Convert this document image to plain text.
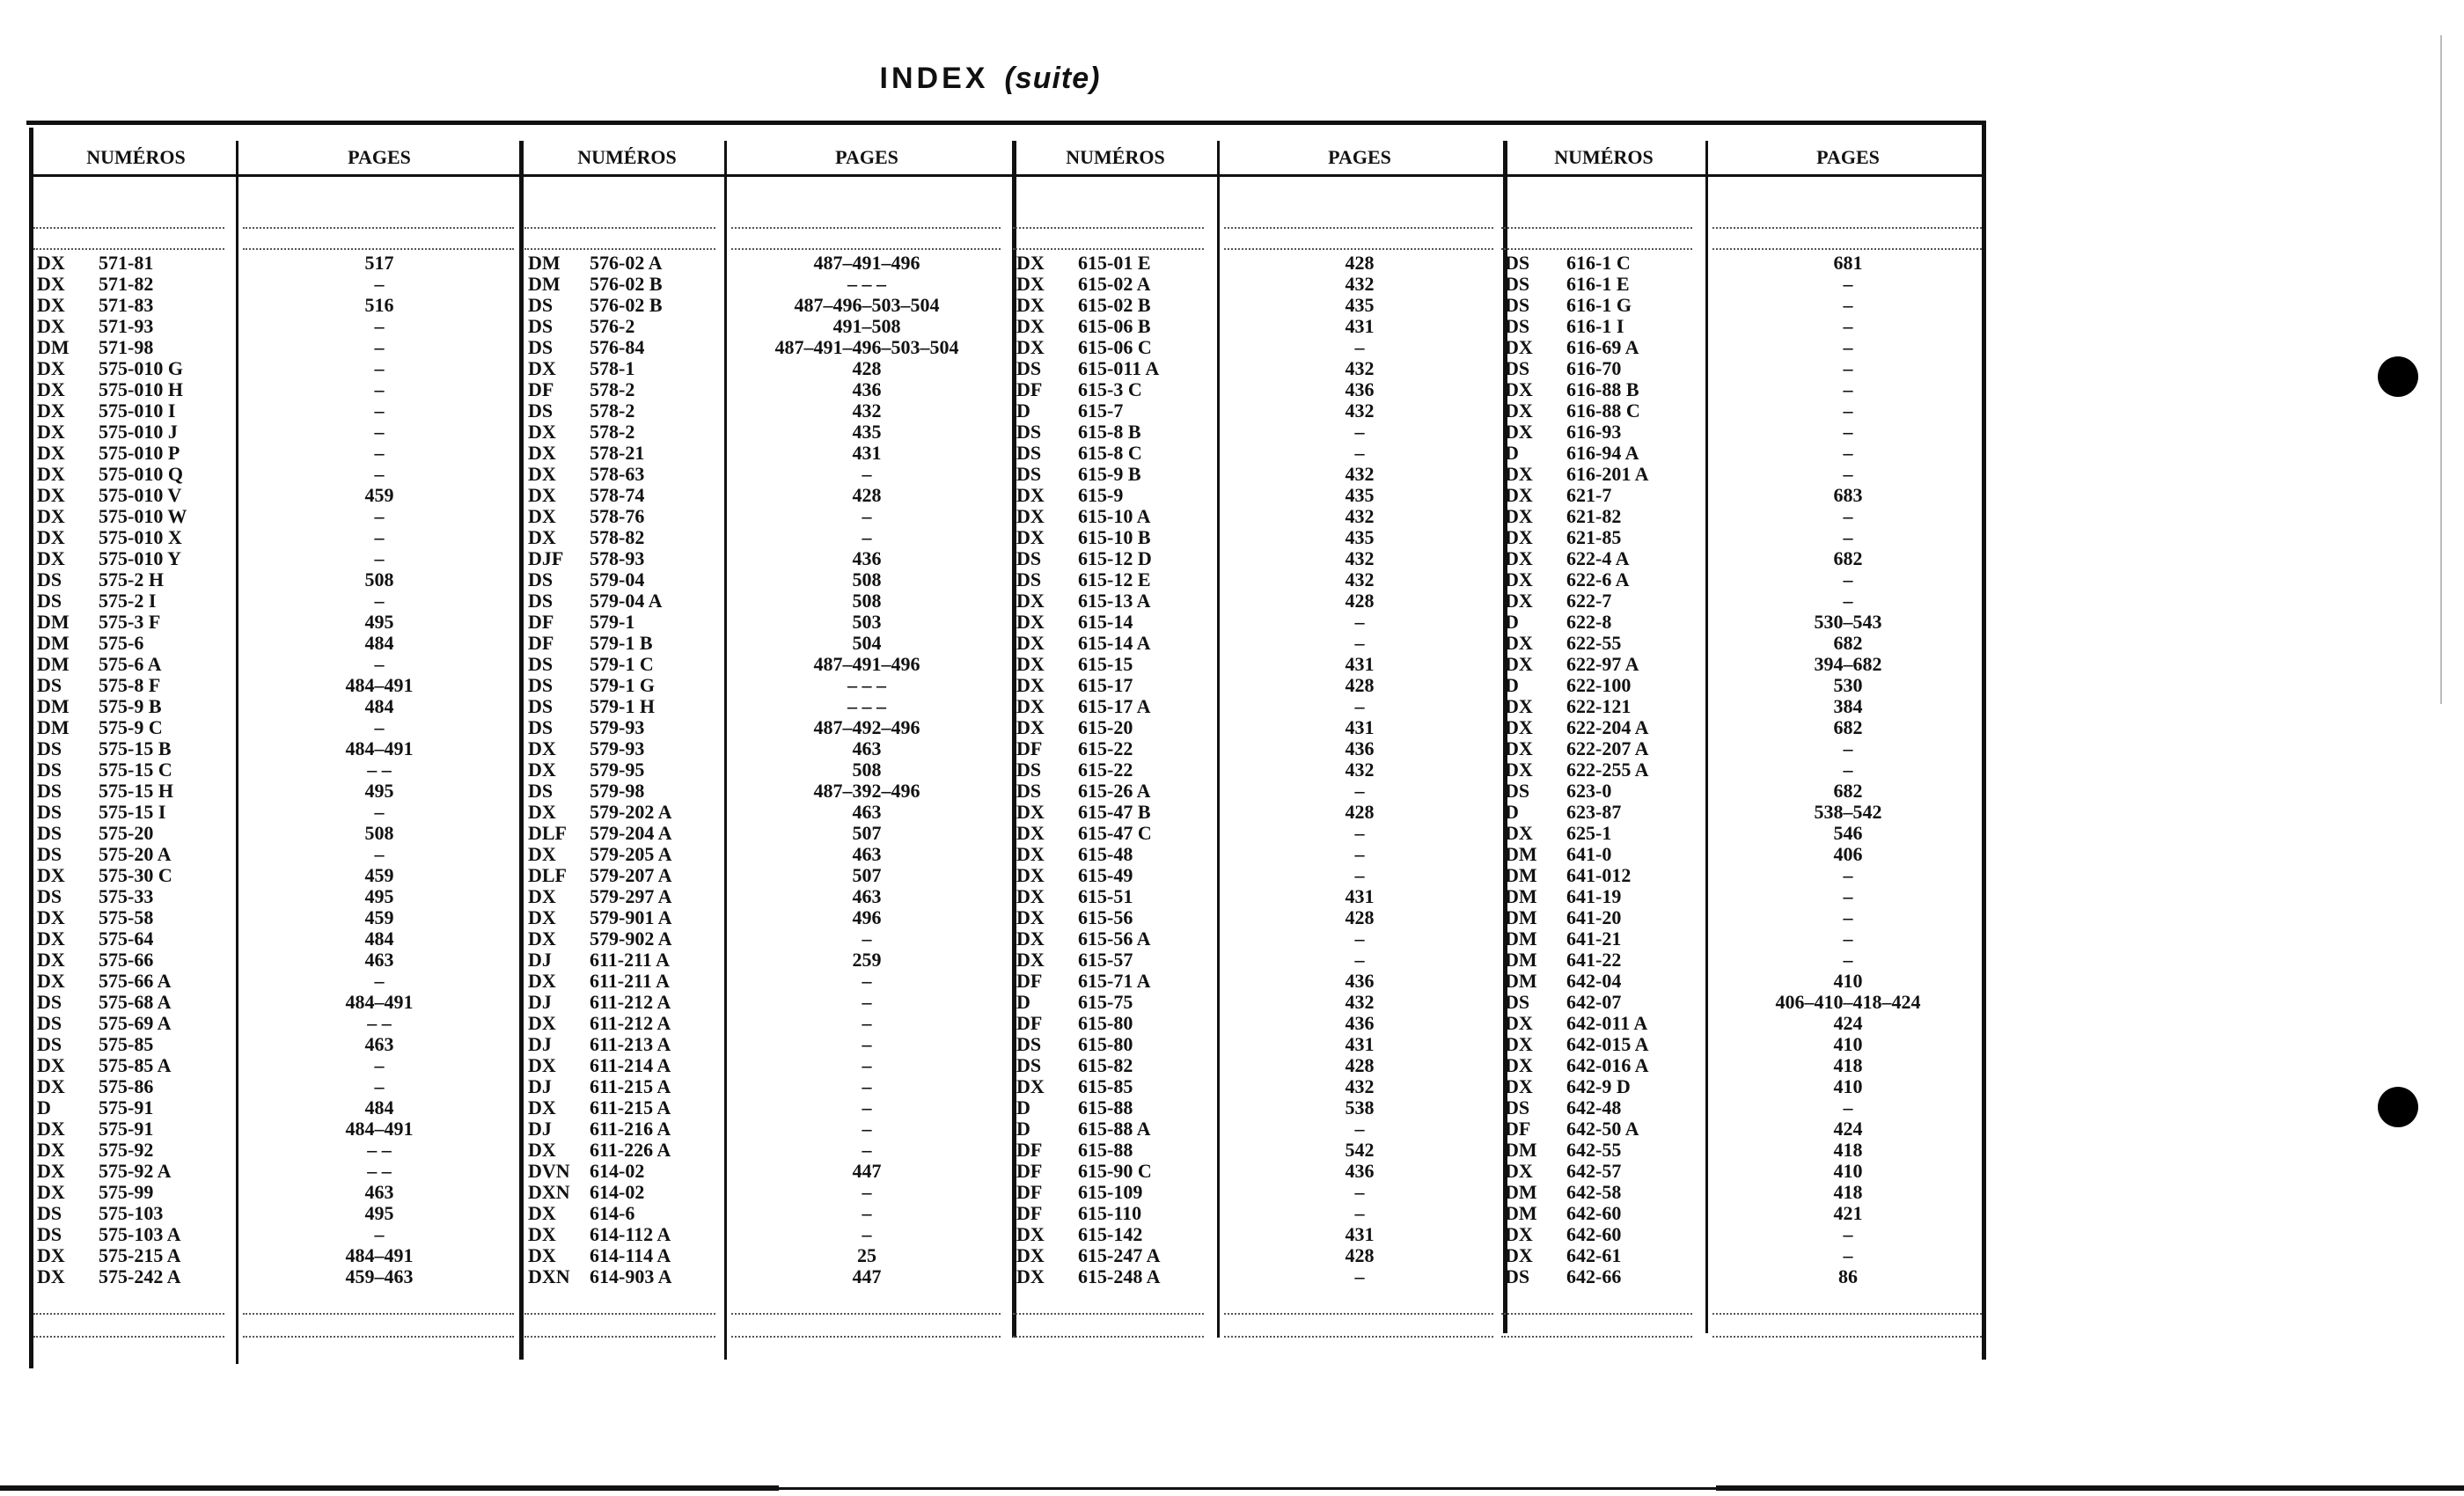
INDEX (suite)
NUMÉROS	PAGES	NUMÉROS	PAGES	NUMÉROS	PAGES	NUMÉROS	PAGES
DX 571-81	517
DX 571-82	–
DX 571-83	516
DX 571-93	–
DM 571-98	–
DX 575-010 G	–
DX 575-010 H	–
DX 575-010 I	–
DX 575-010 J	–
DX 575-010 P	–
DX 575-010 Q	–
DX 575-010 V	459
DX 575-010 W	–
DX 575-010 X	–
DX 575-010 Y	–
DS 575-2 H	508
DS 575-2 I	–
DM 575-3 F	495
DM 575-6	484
DM 575-6 A	–
DS 575-8 F	484–491
DM 575-9 B	484
DM 575-9 C	–
DS 575-15 B	484–491
DS 575-15 C	– –
DS 575-15 H	495
DS 575-15 I	–
DS 575-20	508
DS 575-20 A	–
DX 575-30 C	459
DS 575-33	495
DX 575-58	459
DX 575-64	484
DX 575-66	463
DX 575-66 A	–
DS 575-68 A	484–491
DS 575-69 A	– –
DS 575-85	463
DX 575-85 A	–
DX 575-86	–
D 575-91	484
DX 575-91	484–491
DX 575-92	– –
DX 575-92 A	– –
DX 575-99	463
DS 575-103	495
DS 575-103 A	–
DX 575-215 A	484–491
DX 575-242 A	459–463
DM 576-02 A	487–491–496
DM 576-02 B	– – –
DS 576-02 B	487–496–503–504
DS 576-2	491–508
DS 576-84	487–491–496–503–504
DX 578-1	428
DF 578-2	436
DS 578-2	432
DX 578-2	435
DX 578-21	431
DX 578-63	–
DX 578-74	428
DX 578-76	–
DX 578-82	–
DJF 578-93	436
DS 579-04	508
DS 579-04 A	508
DF 579-1	503
DF 579-1 B	504
DS 579-1 C	487–491–496
DS 579-1 G	– – –
DS 579-1 H	– – –
DS 579-93	487–492–496
DX 579-93	463
DX 579-95	508
DS 579-98	487–392–496
DX 579-202 A	463
DLF 579-204 A	507
DX 579-205 A	463
DLF 579-207 A	507
DX 579-297 A	463
DX 579-901 A	496
DX 579-902 A	–
DJ 611-211 A	259
DX 611-211 A	–
DJ 611-212 A	–
DX 611-212 A	–
DJ 611-213 A	–
DX 611-214 A	–
DJ 611-215 A	–
DX 611-215 A	–
DJ 611-216 A	–
DX 611-226 A	–
DVN 614-02	447
DXN 614-02	–
DX 614-6	–
DX 614-112 A	–
DX 614-114 A	25
DXN 614-903 A	447
DX 615-01 E	428
DX 615-02 A	432
DX 615-02 B	435
DX 615-06 B	431
DX 615-06 C	–
DS 615-011 A	432
DF 615-3 C	436
D 615-7	432
DS 615-8 B	–
DS 615-8 C	–
DS 615-9 B	432
DX 615-9	435
DX 615-10 A	432
DX 615-10 B	435
DS 615-12 D	432
DS 615-12 E	432
DX 615-13 A	428
DX 615-14	–
DX 615-14 A	–
DX 615-15	431
DX 615-17	428
DX 615-17 A	–
DX 615-20	431
DF 615-22	436
DS 615-22	432
DS 615-26 A	–
DX 615-47 B	428
DX 615-47 C	–
DX 615-48	–
DX 615-49	–
DX 615-51	431
DX 615-56	428
DX 615-56 A	–
DX 615-57	–
DF 615-71 A	436
D 615-75	432
DF 615-80	436
DS 615-80	431
DS 615-82	428
DX 615-85	432
D 615-88	538
D 615-88 A	–
DF 615-88	542
DF 615-90 C	436
DF 615-109	–
DF 615-110	–
DX 615-142	431
DX 615-247 A	428
DX 615-248 A	–
DS 616-1 C	681
DS 616-1 E	–
DS 616-1 G	–
DS 616-1 I	–
DX 616-69 A	–
DS 616-70	–
DX 616-88 B	–
DX 616-88 C	–
DX 616-93	–
D 616-94 A	–
DX 616-201 A	–
DX 621-7	683
DX 621-82	–
DX 621-85	–
DX 622-4 A	682
DX 622-6 A	–
DX 622-7	–
D 622-8	530–543
DX 622-55	682
DX 622-97 A	394–682
D 622-100	530
DX 622-121	384
DX 622-204 A	682
DX 622-207 A	–
DX 622-255 A	–
DS 623-0	682
D 623-87	538–542
DX 625-1	546
DM 641-0	406
DM 641-012	–
DM 641-19	–
DM 641-20	–
DM 641-21	–
DM 641-22	–
DM 642-04	410
DS 642-07	406–410–418–424
DX 642-011 A	424
DX 642-015 A	410
DX 642-016 A	418
DX 642-9 D	410
DS 642-48	–
DF 642-50 A	424
DM 642-55	418
DX 642-57	410
DM 642-58	418
DM 642-60	421
DX 642-60	–
DX 642-61	–
DS 642-66	86
